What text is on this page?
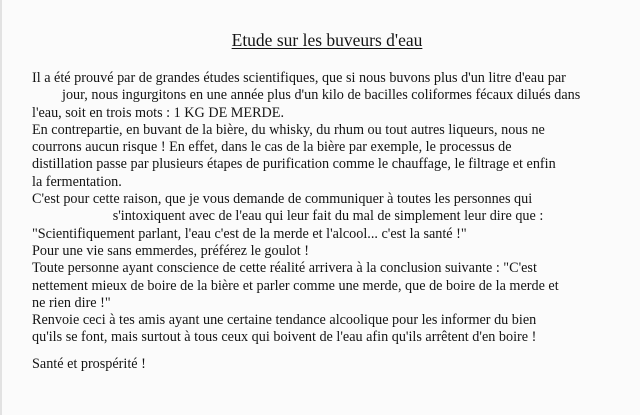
Etude sur les buveurs d'eau
Il a été prouvé par de grandes études scientifiques, que si nous buvons plus d'un litre d'eau par
jour, nous ingurgitons en une année plus d'un kilo de bacilles coliformes fécaux dilués dans
l'eau, soit en trois mots : 1 KG DE MERDE.
En contrepartie, en buvant de la bière, du whisky, du rhum ou tout autres liqueurs, nous ne
courrons aucun risque ! En effet, dans le cas de la bière par exemple, le processus de
distillation passe par plusieurs étapes de purification comme le chauffage, le filtrage et enfin
la fermentation.
C'est pour cette raison, que je vous demande de communiquer à toutes les personnes qui
s'intoxiquent avec de l'eau qui leur fait du mal de simplement leur dire que :
"Scientifiquement parlant, l'eau c'est de la merde et l'alcool... c'est la santé !"
Pour une vie sans emmerdes, préférez le goulot !
Toute personne ayant conscience de cette réalité arrivera à la conclusion suivante : "C'est
nettement mieux de boire de la bière et parler comme une merde, que de boire de la merde et
ne rien dire !"
Renvoie ceci à tes amis ayant une certaine tendance alcoolique pour les informer du bien
qu'ils se font, mais surtout à tous ceux qui boivent de l'eau afin qu'ils arrêtent d'en boire !
Santé et prospérité !
